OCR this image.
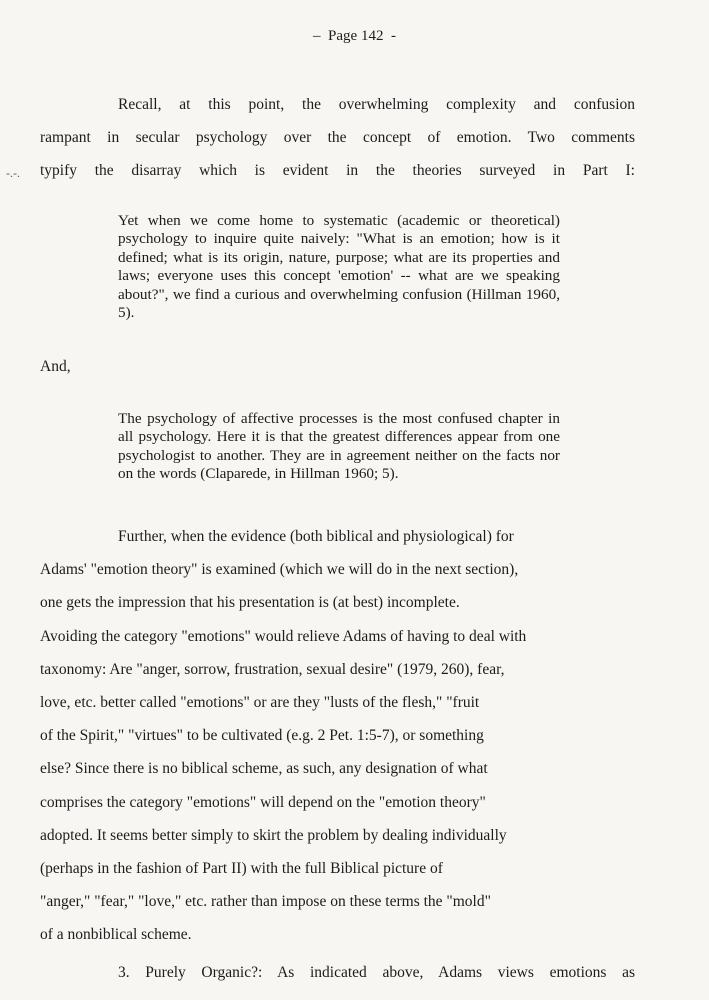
–  Page 142  -
-.-.
Recall, at this point, the overwhelming complexity and confusion
rampant in secular psychology over the concept of emotion. Two comments
typify the disarray which is evident in the theories surveyed in Part I:
Yet when we come home to systematic (academic or theoretical) psychology to inquire quite naively: "What is an emotion; how is it defined; what is its origin, nature, purpose; what are its properties and laws; everyone uses this concept 'emotion' -- what are we speaking about?", we find a curious and overwhelming confusion (Hillman 1960, 5).
And,
The psychology of affective processes is the most confused chapter in all psychology. Here it is that the greatest differences appear from one psychologist to another. They are in agreement neither on the facts nor on the words (Claparede, in Hillman 1960; 5).
Further, when the evidence (both biblical and physiological) for
Adams' "emotion theory" is examined (which we will do in the next section),
one gets the impression that his presentation is (at best) incomplete.
Avoiding the category "emotions" would relieve Adams of having to deal with
taxonomy: Are "anger, sorrow, frustration, sexual desire" (1979, 260), fear,
love, etc. better called "emotions" or are they "lusts of the flesh," "fruit
of the Spirit," "virtues" to be cultivated (e.g. 2 Pet. 1:5-7), or something
else? Since there is no biblical scheme, as such, any designation of what
comprises the category "emotions" will depend on the "emotion theory"
adopted. It seems better simply to skirt the problem by dealing individually
(perhaps in the fashion of Part II) with the full Biblical picture of
"anger," "fear," "love," etc. rather than impose on these terms the "mold"
of a nonbiblical scheme.
3. Purely Organic?: As indicated above, Adams views emotions as
